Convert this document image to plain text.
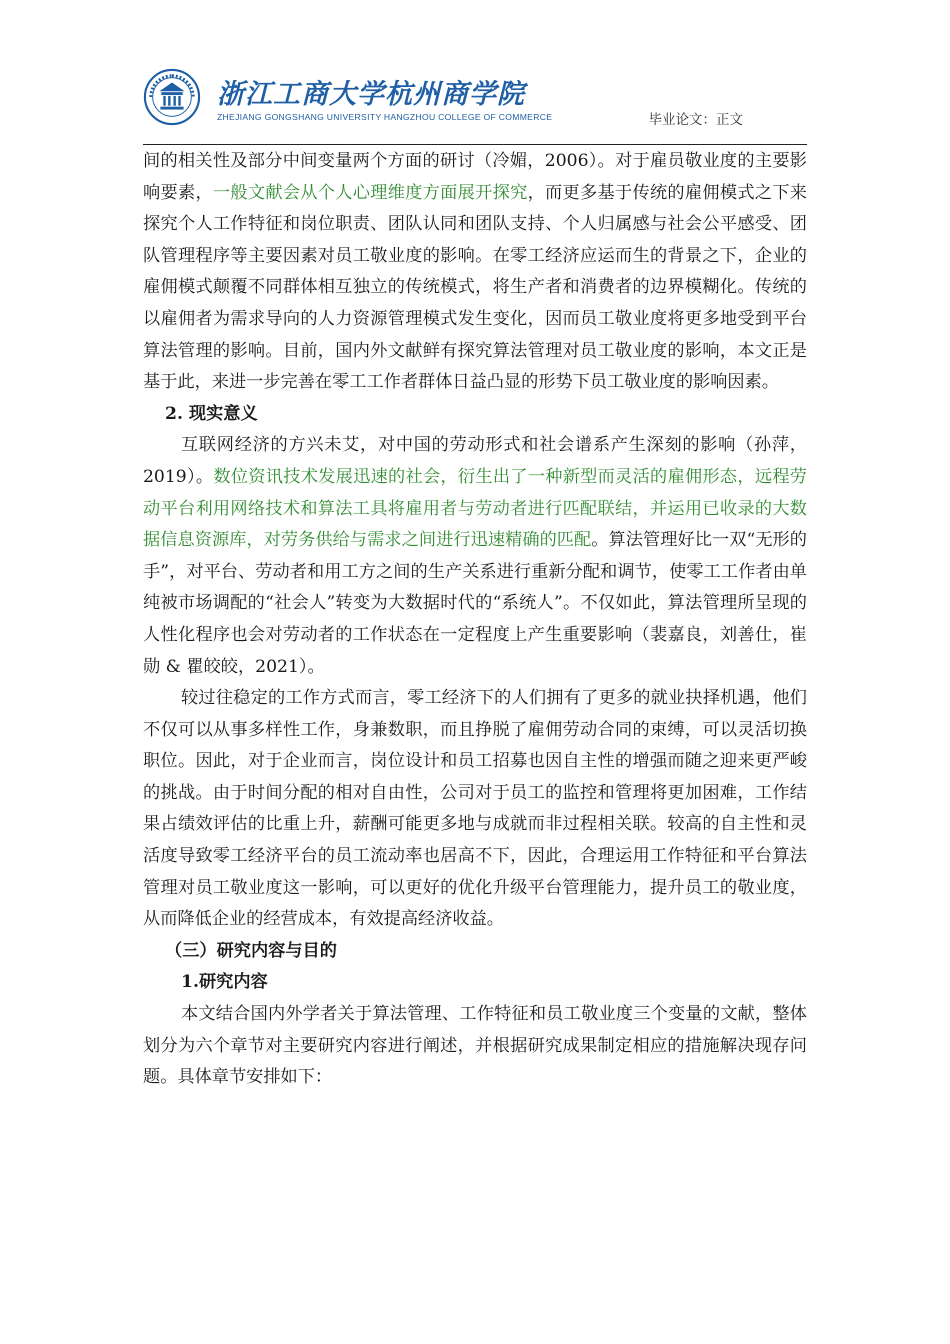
浙江工商大学杭州商学院
ZHEJIANG GONGSHANG UNIVERSITY HANGZHOU COLLEGE OF COMMERCE	毕业论文：正文

间的相关性及部分中间变量两个方面的研讨（冷媚，2006）。对于雇员敬业度的主要影响要素，一般文献会从个人心理维度方面展开探究，而更多基于传统的雇佣模式之下来探究个人工作特征和岗位职责、团队认同和团队支持、个人归属感与社会公平感受、团队管理程序等主要因素对员工敬业度的影响。在零工经济应运而生的背景之下，企业的雇佣模式颠覆不同群体相互独立的传统模式，将生产者和消费者的边界模糊化。传统的以雇佣者为需求导向的人力资源管理模式发生变化，因而员工敬业度将更多地受到平台算法管理的影响。目前，国内外文献鲜有探究算法管理对员工敬业度的影响，本文正是基于此，来进一步完善在零工工作者群体日益凸显的形势下员工敬业度的影响因素。

2. 现实意义

互联网经济的方兴未艾，对中国的劳动形式和社会谱系产生深刻的影响（孙萍，2019）。数位资讯技术发展迅速的社会，衍生出了一种新型而灵活的雇佣形态，远程劳动平台利用网络技术和算法工具将雇用者与劳动者进行匹配联结，并运用已收录的大数据信息资源库，对劳务供给与需求之间进行迅速精确的匹配。算法管理好比一双“无形的手”，对平台、劳动者和用工方之间的生产关系进行重新分配和调节，使零工工作者由单纯被市场调配的“社会人”转变为大数据时代的“系统人”。不仅如此，算法管理所呈现的人性化程序也会对劳动者的工作状态在一定程度上产生重要影响（裴嘉良，刘善仕，崔勋 & 瞿皎皎，2021）。

较过往稳定的工作方式而言，零工经济下的人们拥有了更多的就业抉择机遇，他们不仅可以从事多样性工作，身兼数职，而且挣脱了雇佣劳动合同的束缚，可以灵活切换职位。因此，对于企业而言，岗位设计和员工招募也因自主性的增强而随之迎来更严峻的挑战。由于时间分配的相对自由性，公司对于员工的监控和管理将更加困难，工作结果占绩效评估的比重上升，薪酬可能更多地与成就而非过程相关联。较高的自主性和灵活度导致零工经济平台的员工流动率也居高不下，因此，合理运用工作特征和平台算法管理对员工敬业度这一影响，可以更好的优化升级平台管理能力，提升员工的敬业度，从而降低企业的经营成本，有效提高经济收益。

（三）研究内容与目的

1.研究内容

本文结合国内外学者关于算法管理、工作特征和员工敬业度三个变量的文献，整体划分为六个章节对主要研究内容进行阐述，并根据研究成果制定相应的措施解决现存问题。具体章节安排如下：
